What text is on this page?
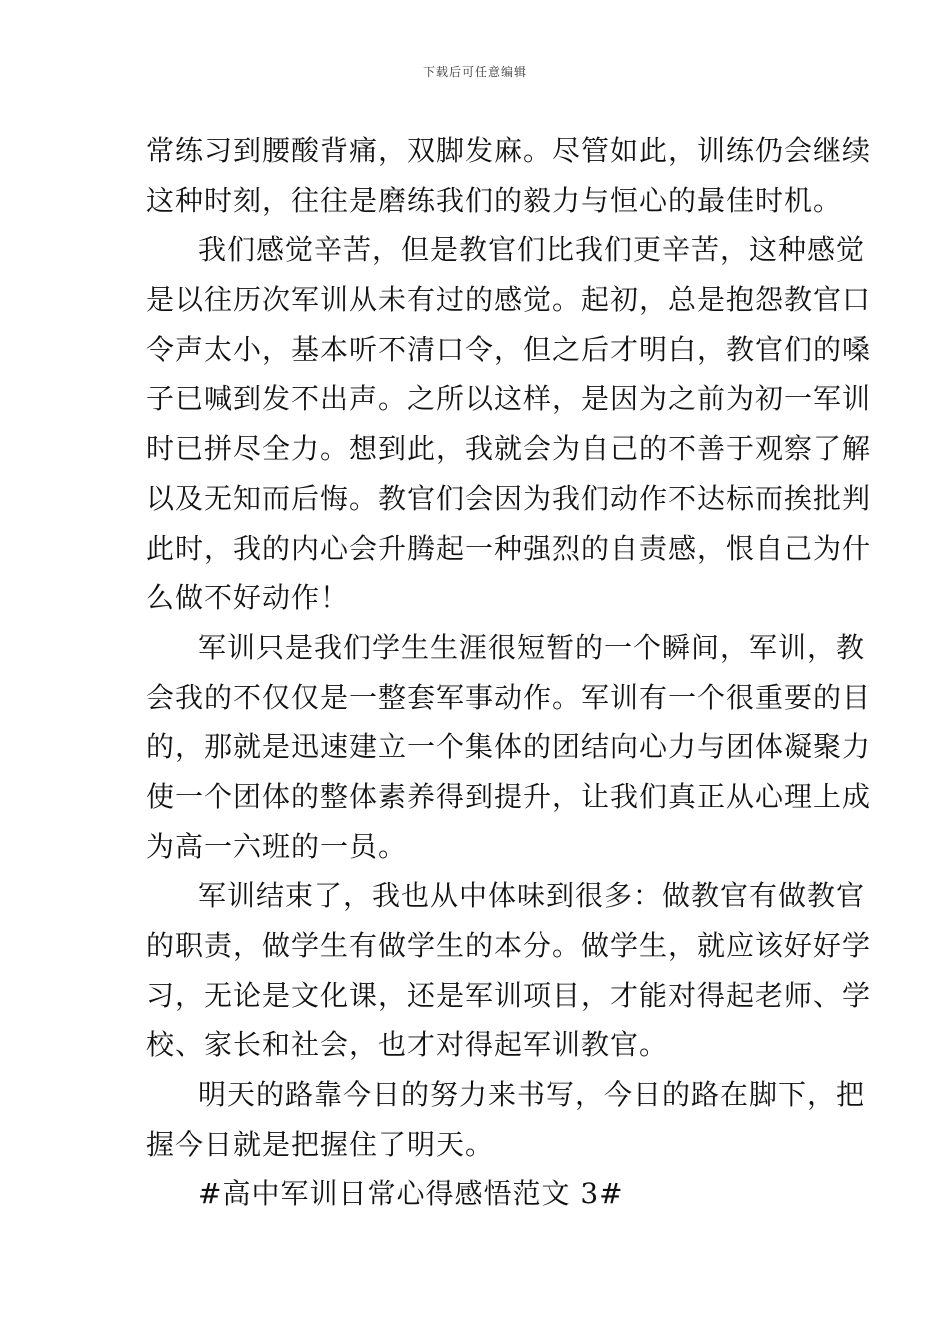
下载后可任意编辑
常练习到腰酸背痛，双脚发麻。尽管如此，训练仍会继续
这种时刻，往往是磨练我们的毅力与恒心的最佳时机。
我们感觉辛苦，但是教官们比我们更辛苦，这种感觉
是以往历次军训从未有过的感觉。起初，总是抱怨教官口
令声太小，基本听不清口令，但之后才明白，教官们的嗓
子已喊到发不出声。之所以这样，是因为之前为初一军训
时已拼尽全力。想到此，我就会为自己的不善于观察了解
以及无知而后悔。教官们会因为我们动作不达标而挨批判
此时，我的内心会升腾起一种强烈的自责感，恨自己为什
么做不好动作！
军训只是我们学生生涯很短暂的一个瞬间，军训，教
会我的不仅仅是一整套军事动作。军训有一个很重要的目
的，那就是迅速建立一个集体的团结向心力与团体凝聚力
使一个团体的整体素养得到提升，让我们真正从心理上成
为高一六班的一员。
军训结束了，我也从中体味到很多：做教官有做教官
的职责，做学生有做学生的本分。做学生，就应该好好学
习，无论是文化课，还是军训项目，才能对得起老师、学
校、家长和社会，也才对得起军训教官。
明天的路靠今日的努力来书写，今日的路在脚下，把
握今日就是把握住了明天。
#高中军训日常心得感悟范文 3#
